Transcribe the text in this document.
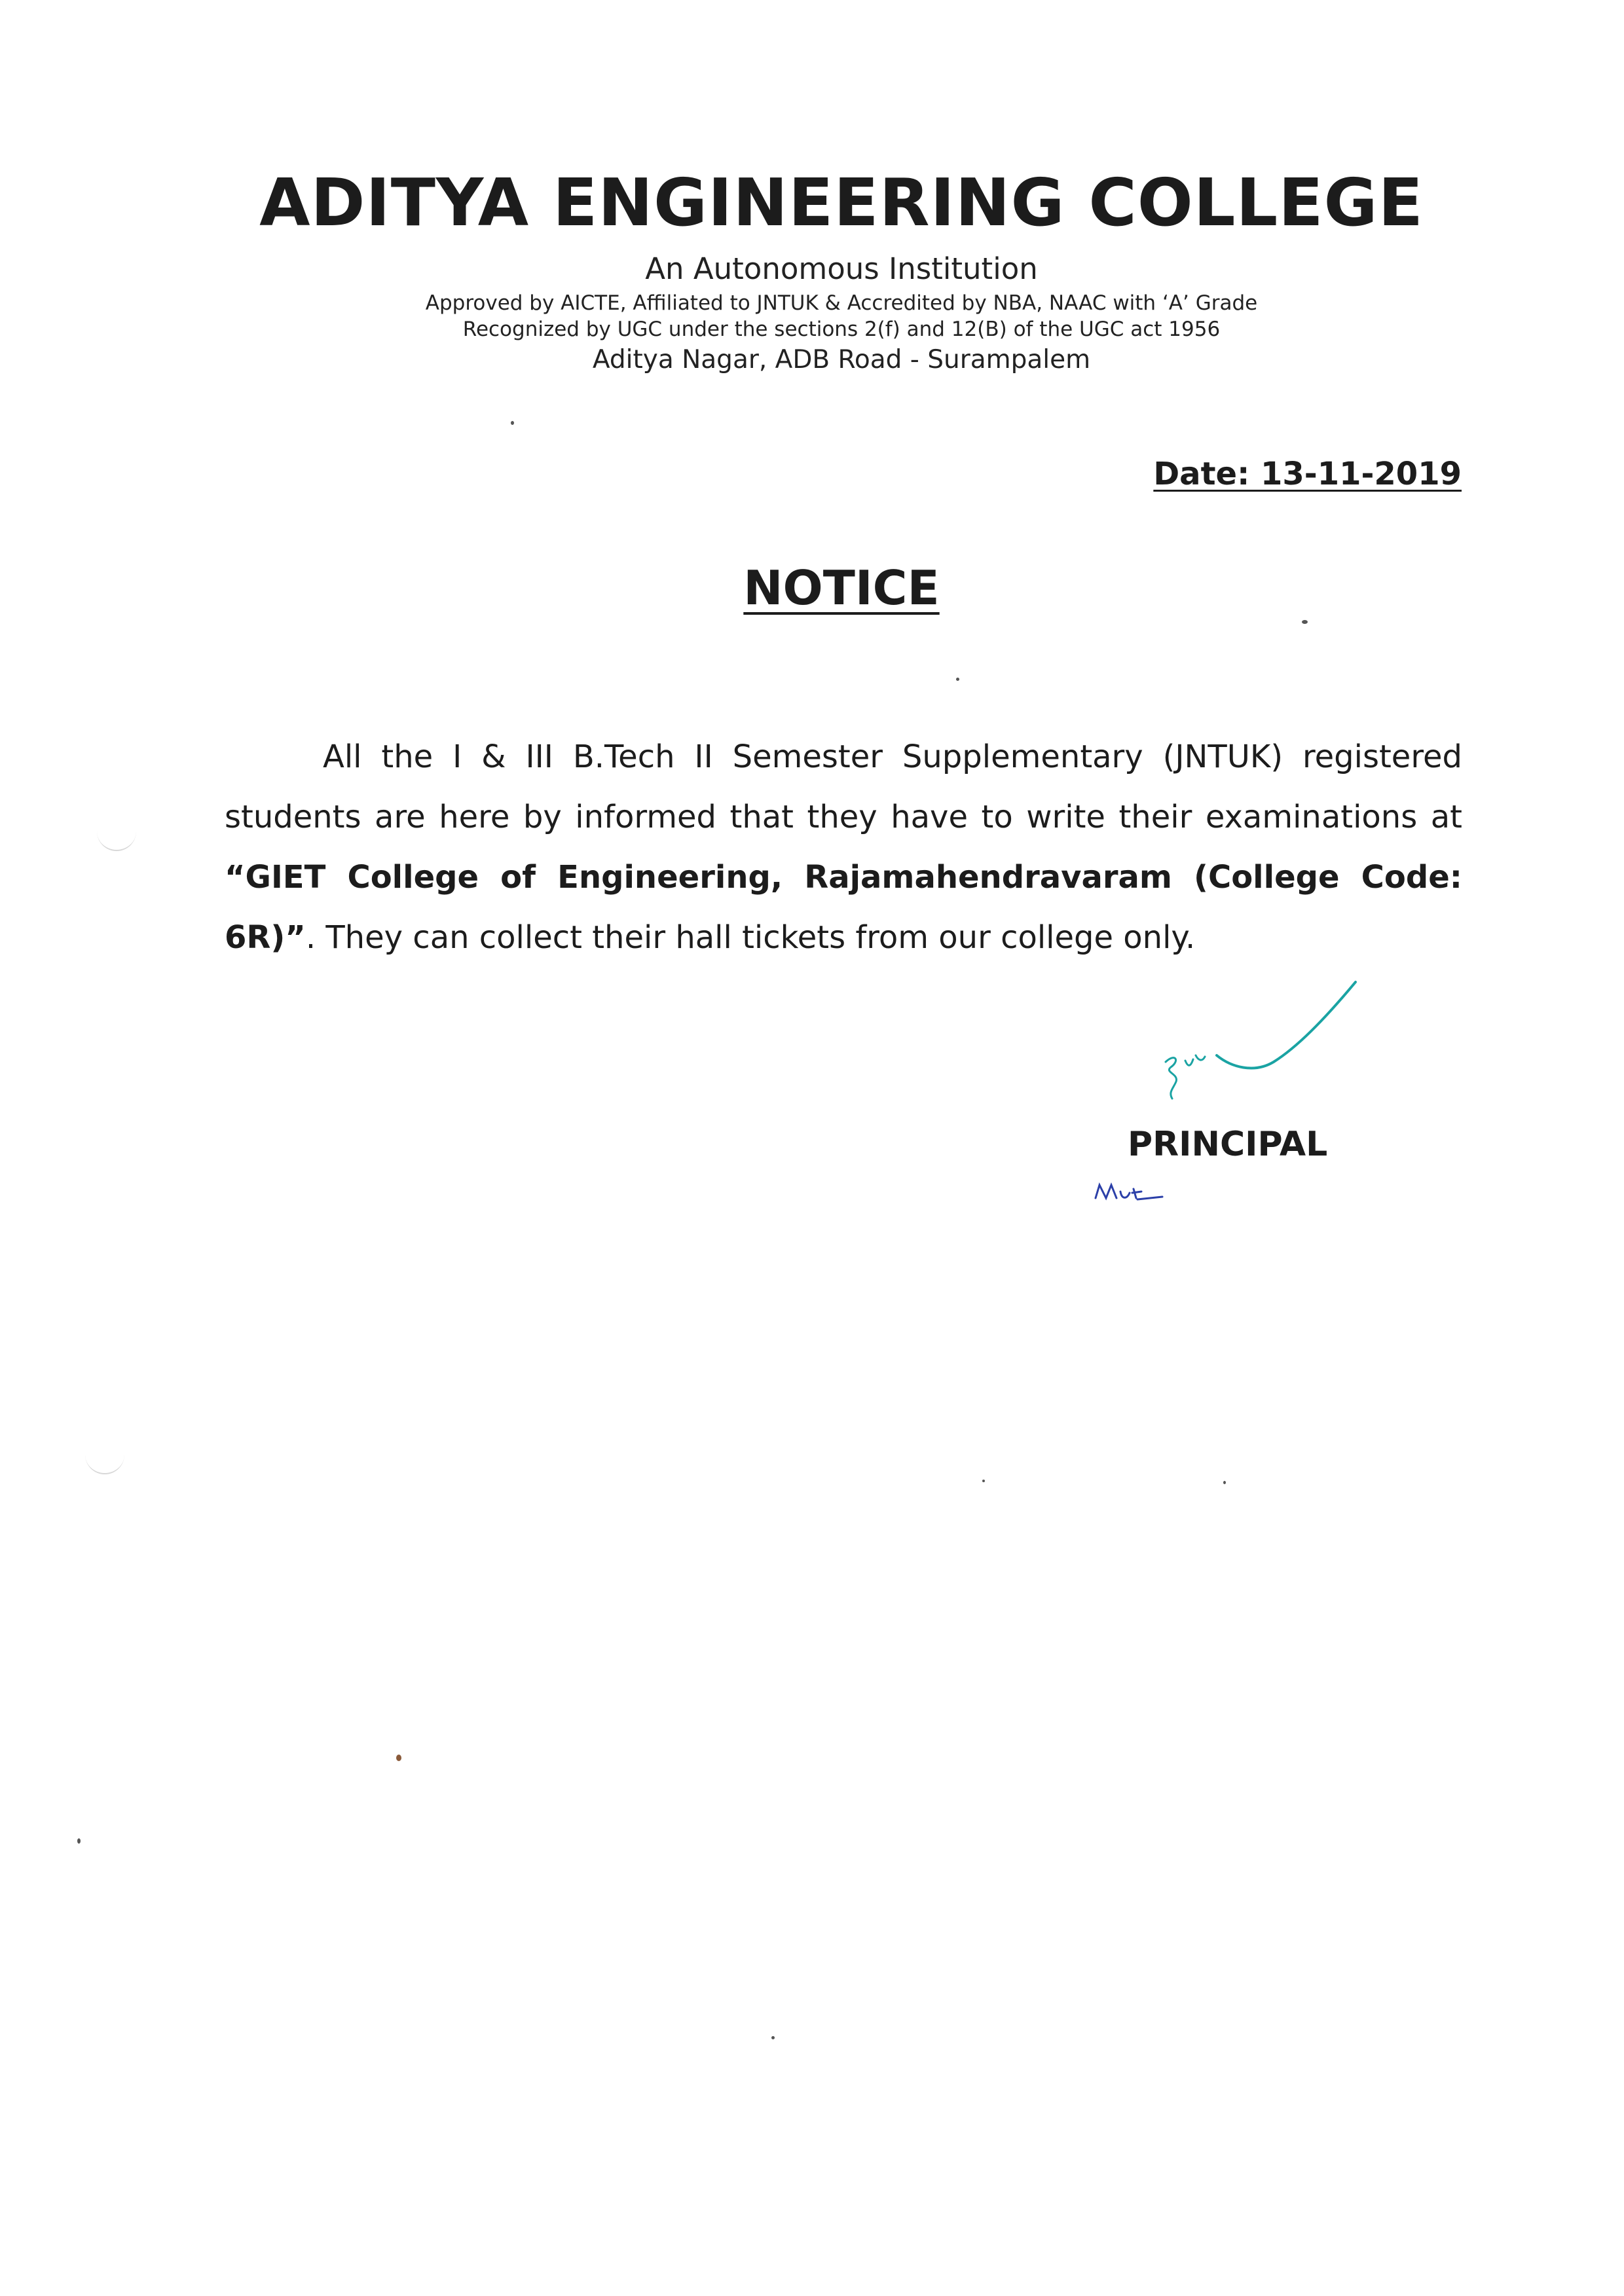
ADITYA ENGINEERING COLLEGE
An Autonomous Institution
Approved by AICTE, Affiliated to JNTUK & Accredited by NBA, NAAC with ‘A’ Grade
Recognized by UGC under the sections 2(f) and 12(B) of the UGC act 1956
Aditya Nagar, ADB Road - Surampalem
Date: 13-11-2019
NOTICE
All the I & III B.Tech II Semester Supplementary (JNTUK) registered students are here by informed that they have to write their examinations at “GIET College of Engineering, Rajamahendravaram (College Code: 6R)”. They can collect their hall tickets from our college only.
PRINCIPAL
